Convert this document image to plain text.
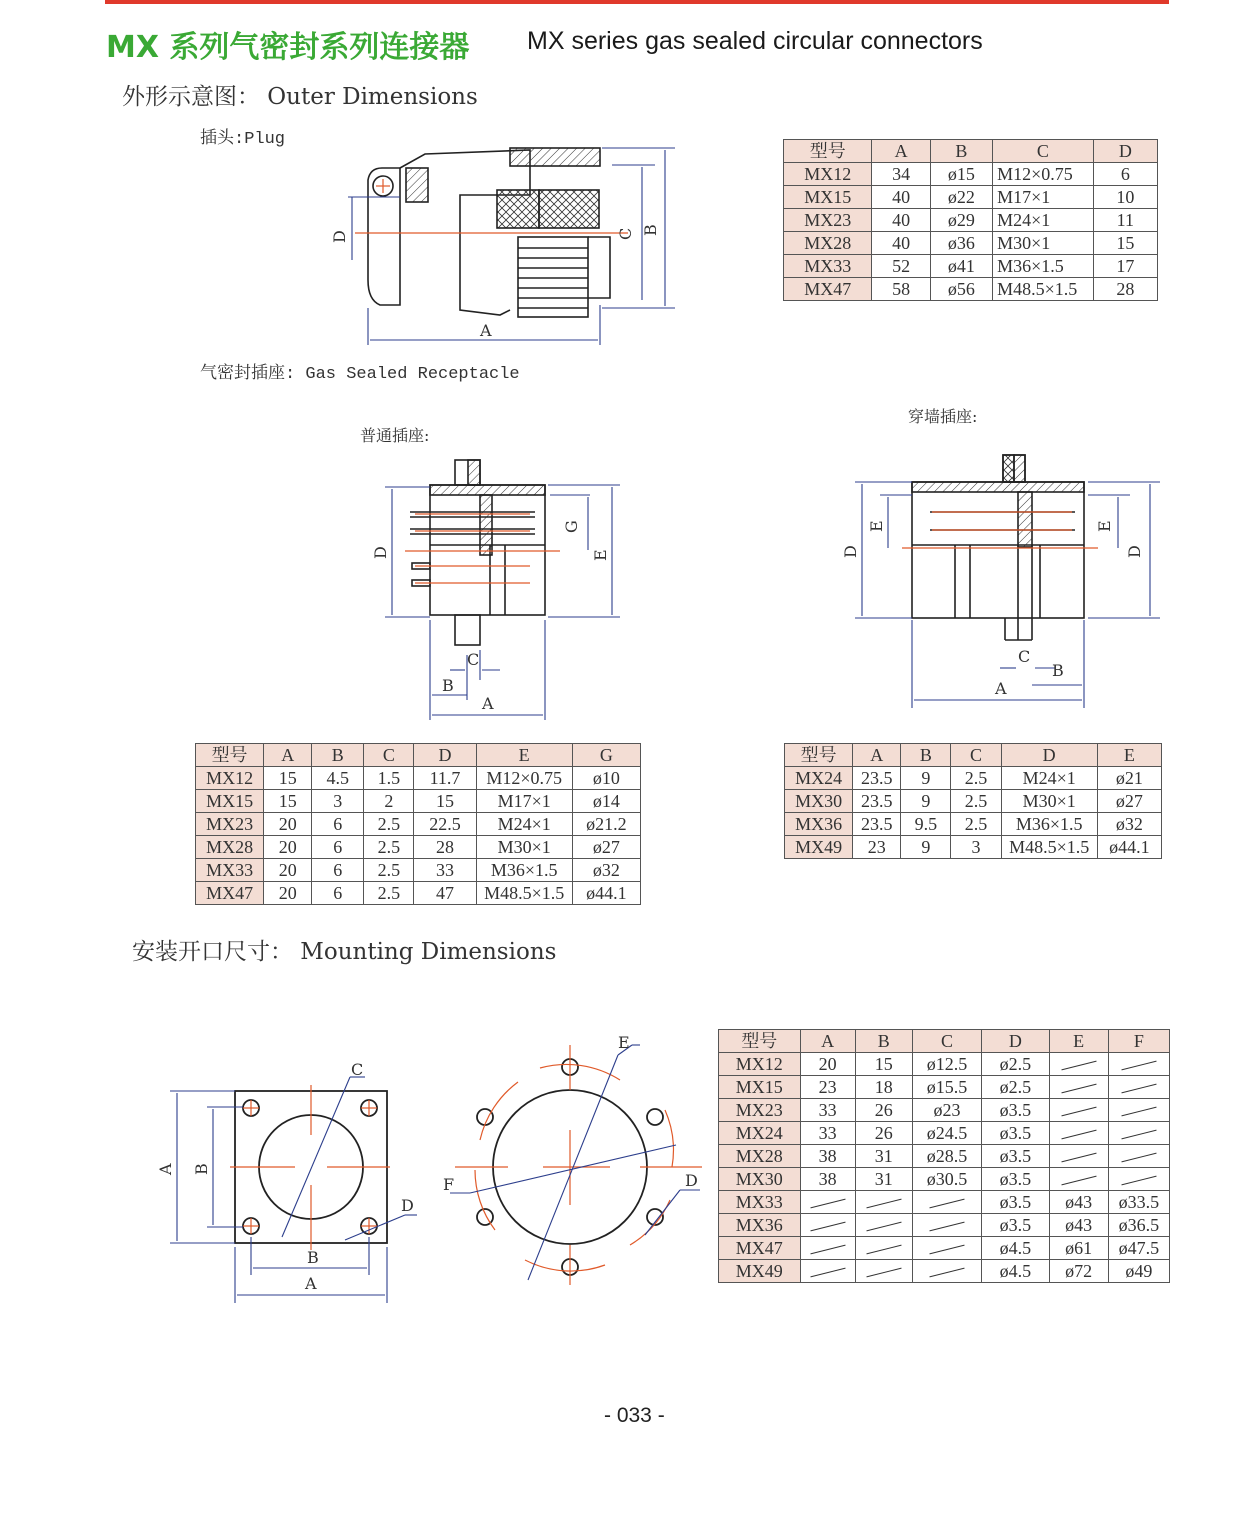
MX 系列气密封系列连接器 MX series gas sealed circular connectors
外形示意图： Outer Dimensions
插头:Plug
A
D	C B
气密封插座: Gas Sealed Receptacle
普通插座:
穿墙插座:
A
B
C
D	E
G
A
B
C
D
E	E
D
型号	A	B	C	D
MX12	34	ø15	M12×0.75	6
MX15	40	ø22	M17×1	10
MX23	40	ø29	M24×1	11
MX28	40	ø36	M30×1	15
MX33	52	ø41	M36×1.5	17
MX47	58	ø56	M48.5×1.5	28
型号	A	B	C	D	E	G
MX12	15	4.5	1.5	11.7	M12×0.75	ø10
MX15	15	3	2	15	M17×1	ø14
MX23	20	6	2.5	22.5	M24×1	ø21.2
MX28	20	6	2.5	28	M30×1	ø27
MX33	20	6	2.5	33	M36×1.5	ø32
MX47	20	6	2.5	47	M48.5×1.5	ø44.1
型号	A	B	C	D	E
MX24	23.5	9	2.5	M24×1	ø21
MX30	23.5	9	2.5	M30×1	ø27
MX36	23.5	9.5	2.5	M36×1.5	ø32
MX49	23	9	3	M48.5×1.5	ø44.1
安装开口尺寸： Mounting Dimensions
A
B
C
D
A B
E
F	D
型号	A	B	C	D	E	F
MX12	20	15	ø12.5	ø2.5		
MX15	23	18	ø15.5	ø2.5		
MX23	33	26	ø23	ø3.5		
MX24	33	26	ø24.5	ø3.5		
MX28	38	31	ø28.5	ø3.5		
MX30	38	31	ø30.5	ø3.5		
MX33				ø3.5	ø43	ø33.5
MX36				ø3.5	ø43	ø36.5
MX47				ø4.5	ø61	ø47.5
MX49				ø4.5	ø72	ø49
- 033 -
